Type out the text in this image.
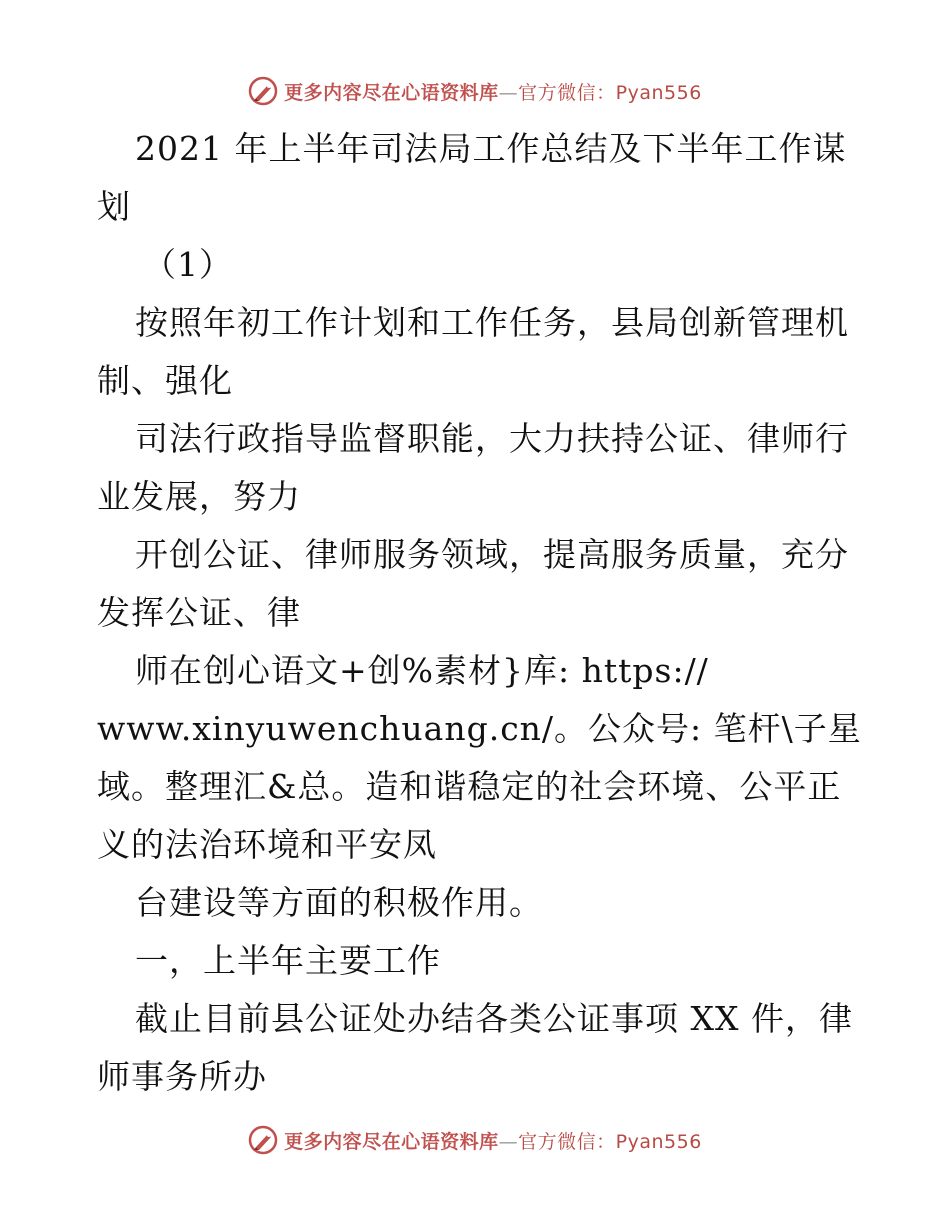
更多内容尽在心语资料库—官方微信：Pyan556
2021 年上半年司法局工作总结及下半年工作谋
划
（1）
按照年初工作计划和工作任务，县局创新管理机
制、强化
司法行政指导监督职能，大力扶持公证、律师行
业发展，努力
开创公证、律师服务领域，提高服务质量，充分
发挥公证、律
师在创心语文+创%素材}库: https://
www.xinyuwenchuang.cn/。公众号: 笔杆\子星
域。整理汇&总。造和谐稳定的社会环境、公平正
义的法治环境和平安凤
台建设等方面的积极作用。
一，上半年主要工作
截止目前县公证处办结各类公证事项 XX 件，律
师事务所办
更多内容尽在心语资料库—官方微信：Pyan556
